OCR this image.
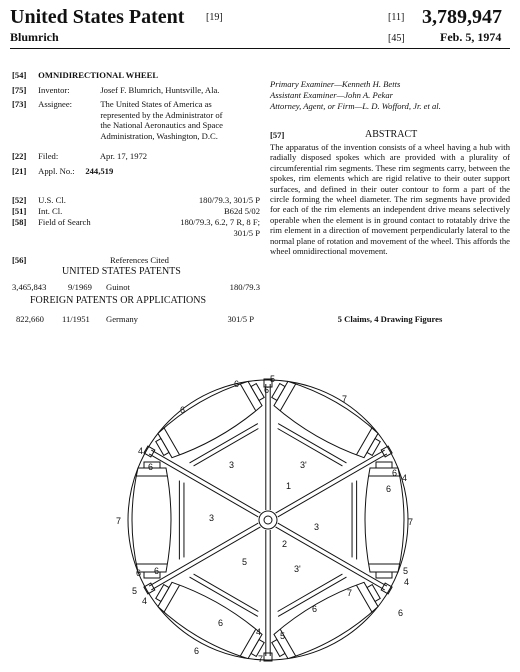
United States Patent [19]
Blumrich
[11] 3,789,947
[45]	Feb. 5, 1974
[54] OMNIDIRECTIONAL WHEEL
[75] Inventor:	Josef F. Blumrich, Huntsville, Ala.
[73] Assignee:	The United States of America as
represented by the Administrator of
the National Aeronautics and Space
Administration, Washington, D.C.
[22] Filed:	Apr. 17, 1972
[21] Appl. No.: 244,519
[52] U.S. Cl.	180/79.3, 301/5 P
[51] Int. Cl.	B62d 5/02
[58] Field of Search	180/79.3, 6.2, 7 R, 8 F;
301/5 P
[56]	References Cited
UNITED STATES PATENTS
3,465,843	9/1969 Guinot	180/79.3
FOREIGN PATENTS OR APPLICATIONS
822,660 11/1951 Germany	301/5 P
Primary Examiner—Kenneth H. Betts
Assistant Examiner—John A. Pekar
Attorney, Agent, or Firm—L. D. Wofford, Jr. et al.
[57]	ABSTRACT
The apparatus of the invention consists of a wheel having a hub with radially disposed spokes which are provided with a plurality of circumferential rim segments. These rim segments carry, between the spokes, rim elements which are rigid relative to their outer support surfaces, and defined in their outer contour to form a part of the circle forming the wheel diameter. The rim segments have provided for each of the rim elements an independent drive means selectively operable when the element is in ground contact to rotatably drive the rim element in a direction of movement perpendicularly lateral to the normal plane of rotation and movement of the wheel. This affords the wheel omnidirectional movement.
5 Claims, 4 Drawing Figures
6
7
6
4
1
3	3'
6
7
2
3
3
6
5
5
4
6
7
6
7
6
3'
7
6
4
5
6
5
6
6
6
5
4
4
